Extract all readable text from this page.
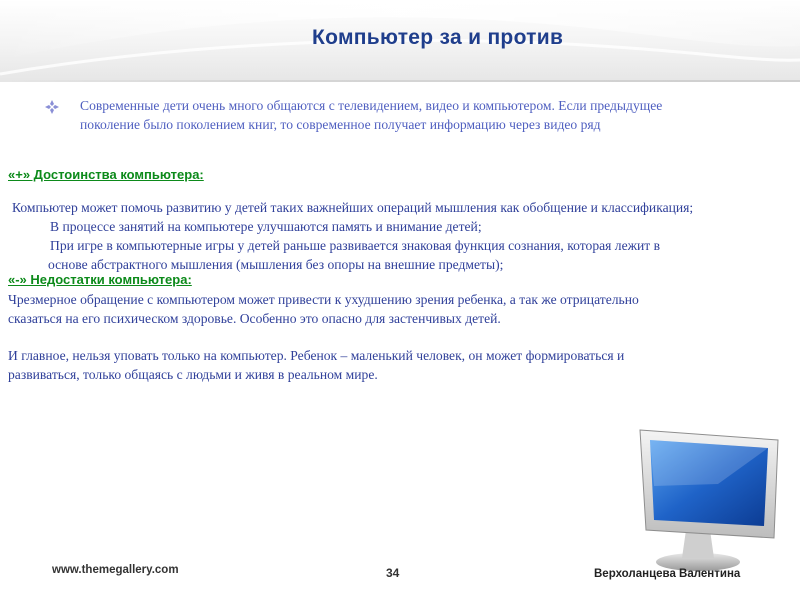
Компьютер за и против
Современные дети очень много общаются с телевидением, видео и компьютером. Если предыдущее
поколение было поколением книг, то современное получает информацию через видео ряд
«+» Достоинства компьютера:
Компьютер может помочь развитию у детей таких важнейших операций мышления как обобщение и классификация;
В процессе занятий на компьютере улучшаются память и внимание детей;
При игре в компьютерные игры у детей раньше развивается знаковая функция сознания, которая лежит в
основе абстрактного мышления (мышления без опоры на внешние предметы);
«-» Недостатки компьютера:
Чрезмерное обращение с компьютером может привести к ухудшению зрения ребенка, а так же отрицательно
сказаться на его психическом здоровье. Особенно это опасно для застенчивых детей.
И главное, нельзя уповать только на компьютер. Ребенок – маленький человек, он может формироваться и
развиваться, только общаясь с людьми и живя в реальном мире.
www.themegallery.com	34	Верхоланцева Валентина
